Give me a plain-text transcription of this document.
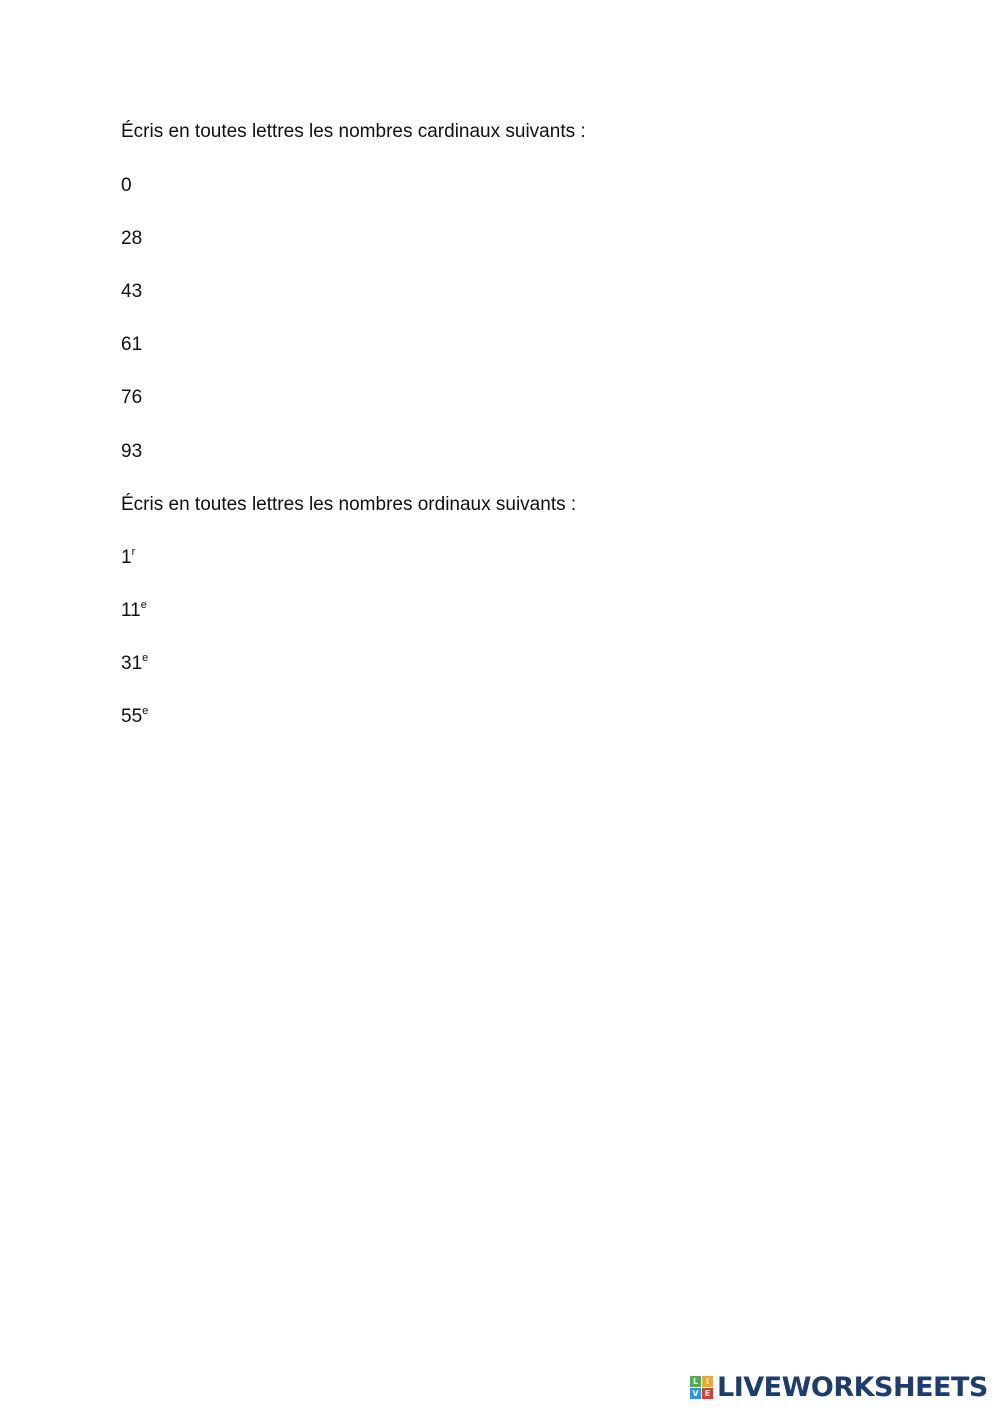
Écris en toutes lettres les nombres cardinaux suivants :
0
28
43
61
76
93
Écris en toutes lettres les nombres ordinaux suivants :
1$^r$
11e
31e
55e
L I
V E LIVEWORKSHEETS
